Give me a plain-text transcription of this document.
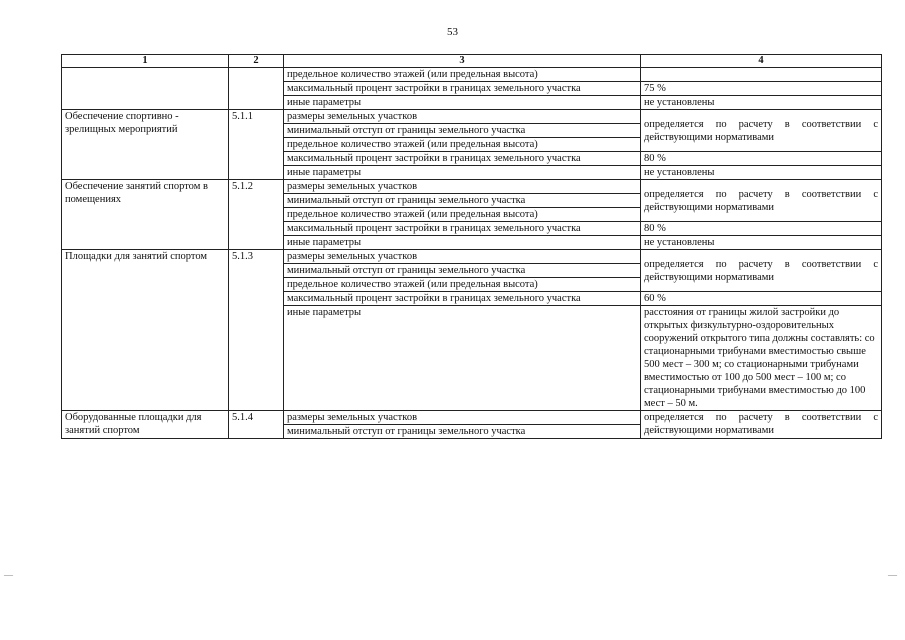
53
—	—
1	2	3	4
		предельное количество этажей (или предельная высота)	
		максимальный процент застройки в границах земельного участка	75 %
		иные параметры	не установлены
Обеспечение спортивно - зрелищных мероприятий	5.1.1	размеры земельных участков	определяется по расчету в соответствии с действующими нормативами
		минимальный отступ от границы земельного участка	
		предельное количество этажей (или предельная высота)	
		максимальный процент застройки в границах земельного участка	80 %
		иные параметры	не установлены
Обеспечение занятий спортом в помещениях	5.1.2	размеры земельных участков	определяется по расчету в соответствии с действующими нормативами
		минимальный отступ от границы земельного участка	
		предельное количество этажей (или предельная высота)	
		максимальный процент застройки в границах земельного участка	80 %
		иные параметры	не установлены
Площадки для занятий спортом	5.1.3	размеры земельных участков	определяется по расчету в соответствии с действующими нормативами
		минимальный отступ от границы земельного участка	
		предельное количество этажей (или предельная высота)	
		максимальный процент застройки в границах земельного участка	60 %
		иные параметры	расстояния от границы жилой застройки до открытых физкультурно-оздоровительных сооружений открытого типа должны составлять: со стационарными трибунами вместимостью свыше 500 мест – 300 м; со стационарными трибунами вместимостью от 100 до 500 мест – 100 м; со стационарными трибунами вместимостью до 100 мест – 50 м.
Оборудованные площадки для занятий спортом	5.1.4	размеры земельных участков	определяется по расчету в соответствии с действующими нормативами
		минимальный отступ от границы земельного участка	
